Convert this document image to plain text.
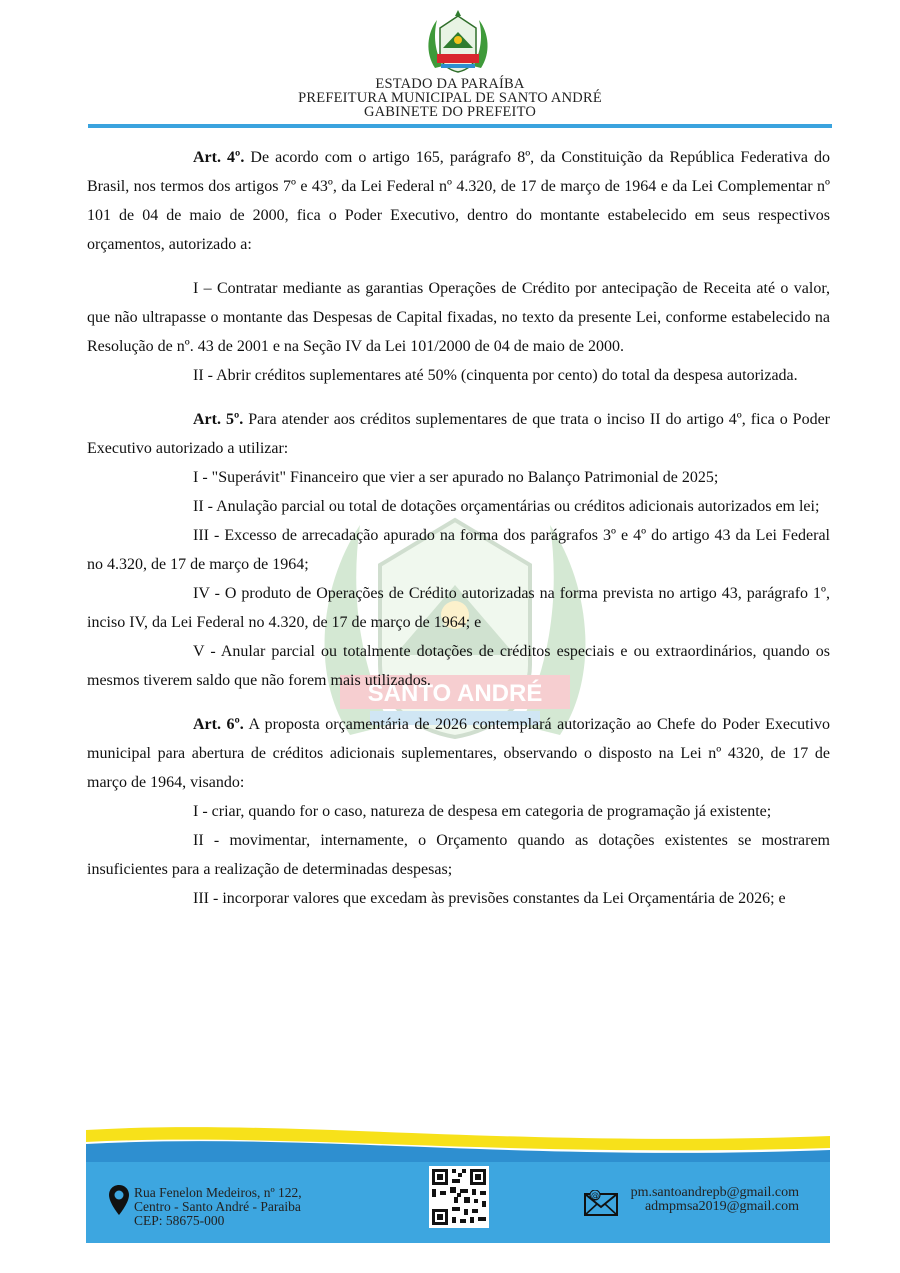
ESTADO DA PARAÍBA
PREFEITURA MUNICIPAL DE SANTO ANDRÉ
GABINETE DO PREFEITO
SANTO ANDRÉ

Art. 4º. De acordo com o artigo 165, parágrafo 8º, da Constituição da República Federativa do Brasil, nos termos dos artigos 7º e 43º, da Lei Federal nº 4.320, de 17 de março de 1964 e da Lei Complementar nº 101 de 04 de maio de 2000, fica o Poder Executivo, dentro do montante estabelecido em seus respectivos orçamentos, autorizado a:

I – Contratar mediante as garantias Operações de Crédito por antecipação de Receita até o valor, que não ultrapasse o montante das Despesas de Capital fixadas, no texto da presente Lei, conforme estabelecido na Resolução de nº. 43 de 2001 e na Seção IV da Lei 101/2000 de 04 de maio de 2000.

II - Abrir créditos suplementares até 50% (cinquenta por cento) do total da despesa autorizada.

Art. 5º. Para atender aos créditos suplementares de que trata o inciso II do artigo 4º, fica o Poder Executivo autorizado a utilizar:

I - "Superávit" Financeiro que vier a ser apurado no Balanço Patrimonial de 2025;

II - Anulação parcial ou total de dotações orçamentárias ou créditos adicionais autorizados em lei;

III - Excesso de arrecadação apurado na forma dos parágrafos 3º e 4º do artigo 43 da Lei Federal no 4.320, de 17 de março de 1964;

IV - O produto de Operações de Crédito autorizadas na forma prevista no artigo 43, parágrafo 1º, inciso IV, da Lei Federal no 4.320, de 17 de março de 1964; e

V - Anular parcial ou totalmente dotações de créditos especiais e ou extraordinários, quando os mesmos tiverem saldo que não forem mais utilizados.

Art. 6º. A proposta orçamentária de 2026 contemplará autorização ao Chefe do Poder Executivo municipal para abertura de créditos adicionais suplementares, observando o disposto na Lei nº 4320, de 17 de março de 1964, visando:

I - criar, quando for o caso, natureza de despesa em categoria de programação já existente;

II - movimentar, internamente, o Orçamento quando as dotações existentes se mostrarem insuficientes para a realização de determinadas despesas;

III - incorporar valores que excedam às previsões constantes da Lei Orçamentária de 2026; e

Rua Fenelon Medeiros, nº 122,
Centro - Santo André - Paraiba
CEP: 58675-000
@ pm.santoandrepb@gmail.com
admpmsa2019@gmail.com
